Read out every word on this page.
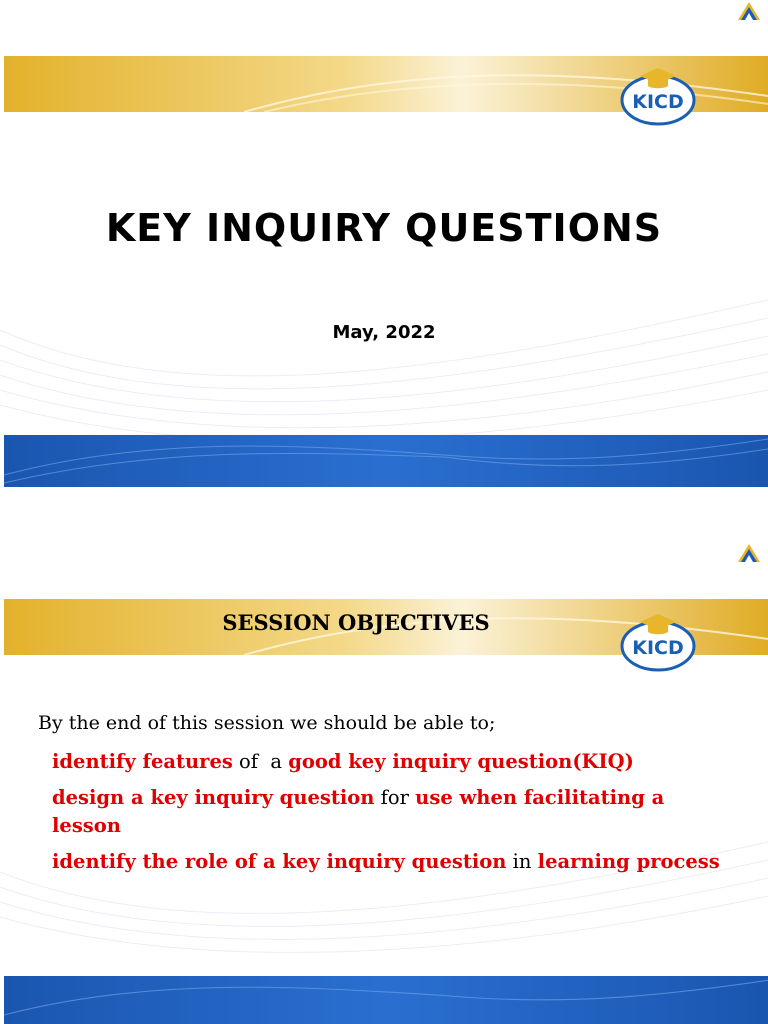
KICD
KEY INQUIRY QUESTIONS
May, 2022
SESSION OBJECTIVES
KICD
By the end of this session we should be able to;
identify features of  a good key inquiry question(KIQ)
design a key inquiry question for use when facilitating a lesson
identify the role of a key inquiry question in learning process
